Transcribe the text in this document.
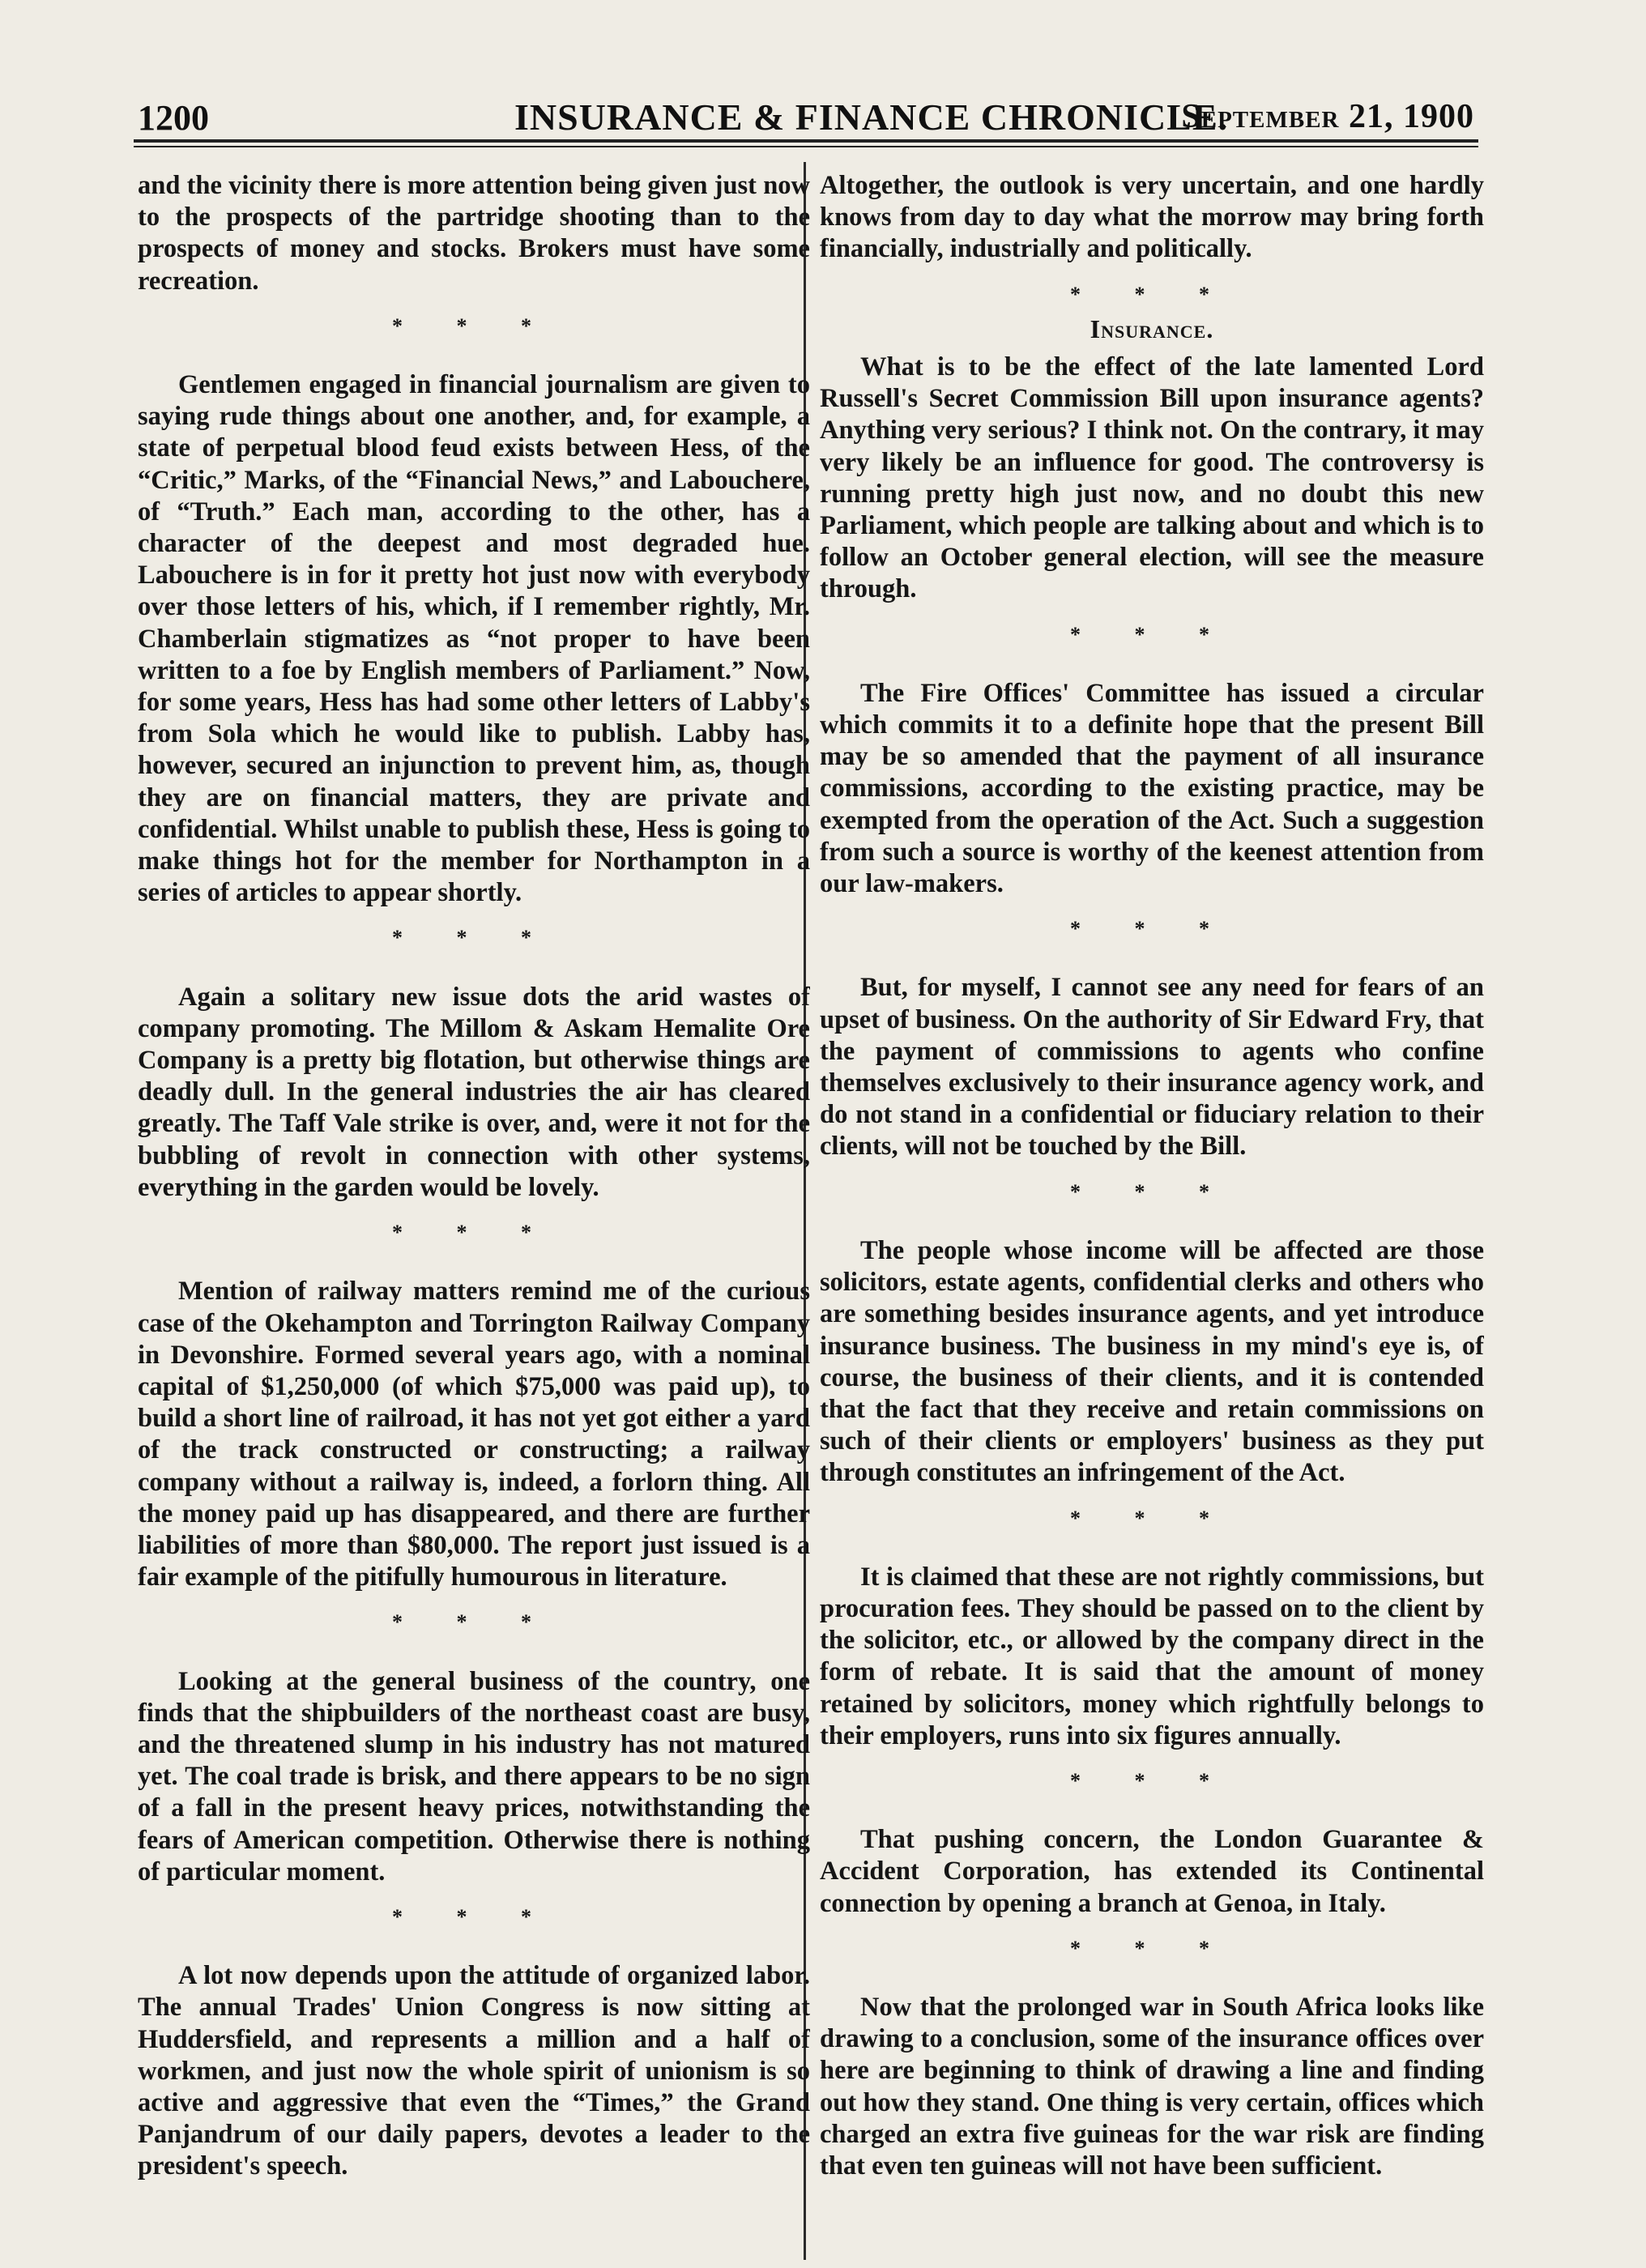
1200	INSURANCE & FINANCE CHRONICLE.
September 21, 1900

and the vicinity there is more attention being given just now to the prospects of the partridge shooting than to the prospects of money and stocks. Brokers must have some recreation.

* * *

Gentlemen engaged in financial journalism are given to saying rude things about one another, and, for example, a state of perpetual blood feud exists between Hess, of the “Critic,” Marks, of the “Financial News,” and Labouchere, of “Truth.” Each man, according to the other, has a character of the deepest and most degraded hue. Labouchere is in for it pretty hot just now with everybody over those letters of his, which, if I remember rightly, Mr. Chamberlain stigmatizes as “not proper to have been written to a foe by English members of Parliament.” Now, for some years, Hess has had some other letters of Labby's from Sola which he would like to publish. Labby has, however, secured an injunction to prevent him, as, though they are on financial matters, they are private and confidential. Whilst unable to publish these, Hess is going to make things hot for the member for Northampton in a series of articles to appear shortly.

* * *

Again a solitary new issue dots the arid wastes of company promoting. The Millom & Askam Hemalite Ore Company is a pretty big flotation, but otherwise things are deadly dull. In the general industries the air has cleared greatly. The Taff Vale strike is over, and, were it not for the bubbling of revolt in connection with other systems, everything in the garden would be lovely.

* * *

Mention of railway matters remind me of the curious case of the Okehampton and Torrington Railway Company in Devonshire. Formed several years ago, with a nominal capital of $1,250,000 (of which $75,000 was paid up), to build a short line of railroad, it has not yet got either a yard of the track constructed or constructing; a railway company without a railway is, indeed, a forlorn thing. All the money paid up has disappeared, and there are further liabilities of more than $80,000. The report just issued is a fair example of the pitifully humourous in literature.

* * *

Looking at the general business of the country, one finds that the shipbuilders of the northeast coast are busy, and the threatened slump in his industry has not matured yet. The coal trade is brisk, and there appears to be no sign of a fall in the present heavy prices, notwithstanding the fears of American competition. Otherwise there is nothing of particular moment.

* * *

A lot now depends upon the attitude of organized labor. The annual Trades' Union Congress is now sitting at Huddersfield, and represents a million and a half of workmen, and just now the whole spirit of unionism is so active and aggressive that even the “Times,” the Grand Panjandrum of our daily papers, devotes a leader to the president's speech.

Altogether, the outlook is very uncertain, and one hardly knows from day to day what the morrow may bring forth financially, industrially and politically.

* * *
Insurance.

What is to be the effect of the late lamented Lord Russell's Secret Commission Bill upon insurance agents? Anything very serious? I think not. On the contrary, it may very likely be an influence for good. The controversy is running pretty high just now, and no doubt this new Parliament, which people are talking about and which is to follow an October general election, will see the measure through.

* * *

The Fire Offices' Committee has issued a circular which commits it to a definite hope that the present Bill may be so amended that the payment of all insurance commissions, according to the existing practice, may be exempted from the operation of the Act. Such a suggestion from such a source is worthy of the keenest attention from our law-makers.

* * *

But, for myself, I cannot see any need for fears of an upset of business. On the authority of Sir Edward Fry, that the payment of commissions to agents who confine themselves exclusively to their insurance agency work, and do not stand in a confidential or fiduciary relation to their clients, will not be touched by the Bill.

* * *

The people whose income will be affected are those solicitors, estate agents, confidential clerks and others who are something besides insurance agents, and yet introduce insurance business. The business in my mind's eye is, of course, the business of their clients, and it is contended that the fact that they receive and retain commissions on such of their clients or employers' business as they put through constitutes an infringement of the Act.

* * *

It is claimed that these are not rightly commissions, but procuration fees. They should be passed on to the client by the solicitor, etc., or allowed by the company direct in the form of rebate. It is said that the amount of money retained by solicitors, money which rightfully belongs to their employers, runs into six figures annually.

* * *

That pushing concern, the London Guarantee & Accident Corporation, has extended its Continental connection by opening a branch at Genoa, in Italy.

* * *

Now that the prolonged war in South Africa looks like drawing to a conclusion, some of the insurance offices over here are beginning to think of drawing a line and finding out how they stand. One thing is very certain, offices which charged an extra five guineas for the war risk are finding that even ten guineas will not have been sufficient.
